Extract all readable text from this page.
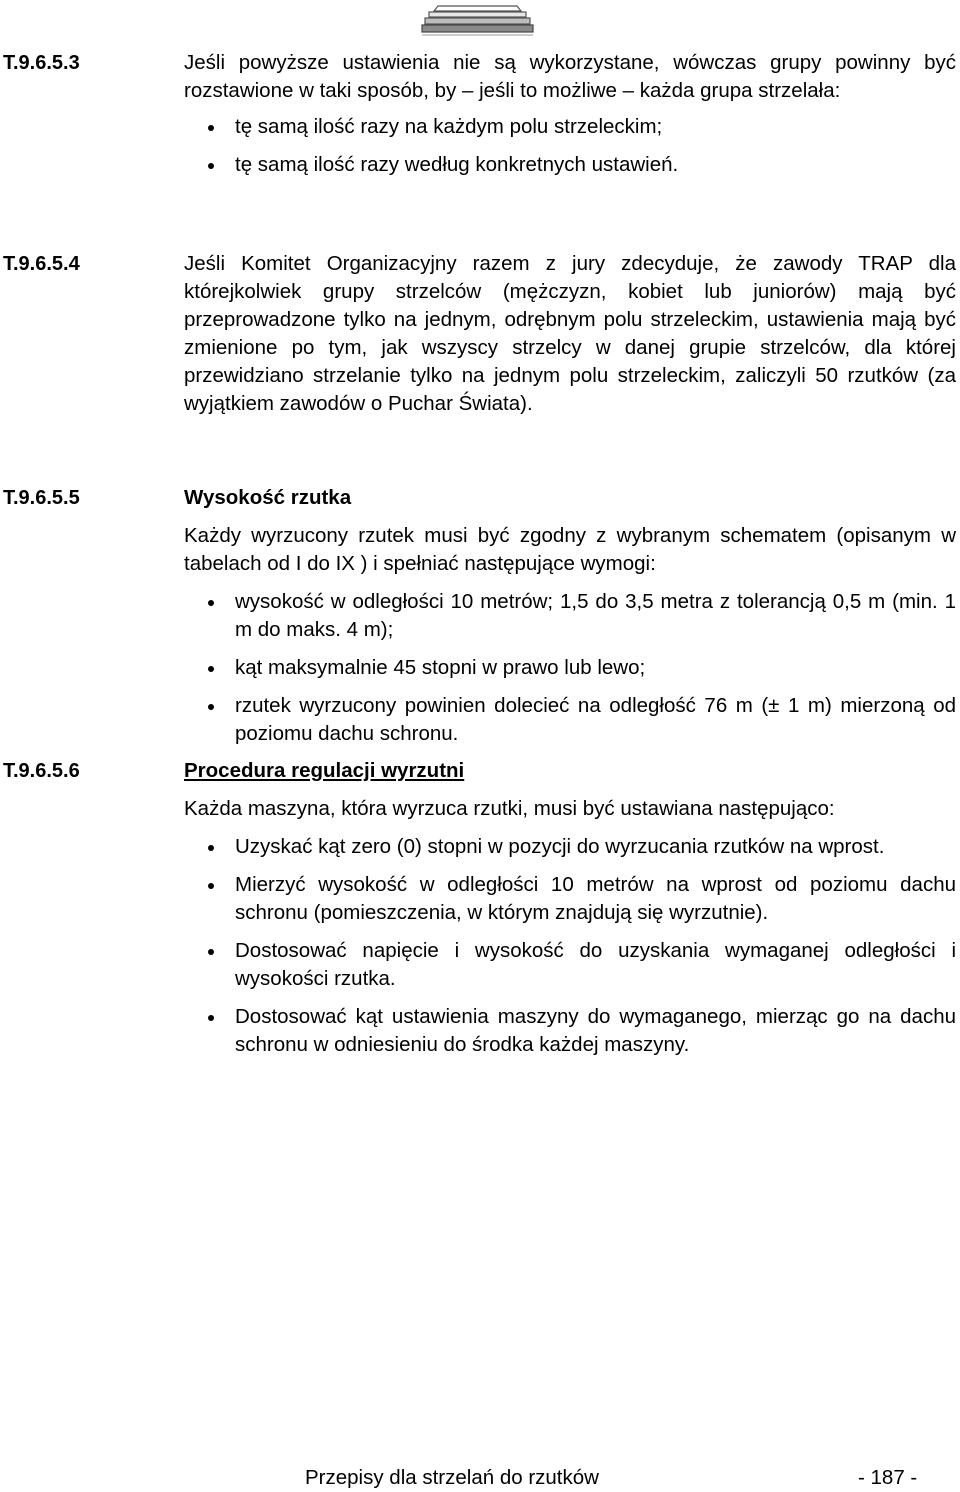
T.9.6.5.3	Jeśli powyższe ustawienia nie są wykorzystane, wówczas grupy powinny być rozstawione w taki sposób, by – jeśli to możliwe – każda grupa strzelała:

tę samą ilość razy na każdym polu strzeleckim;
tę samą ilość razy według konkretnych ustawień.
T.9.6.5.4	Jeśli Komitet Organizacyjny razem z jury zdecyduje, że zawody TRAP dla którejkolwiek grupy strzelców (mężczyzn, kobiet lub juniorów) mają być przeprowadzone tylko na jednym, odrębnym polu strzeleckim, ustawienia mają być zmienione po tym, jak wszyscy strzelcy w danej grupie strzelców, dla której przewidziano strzelanie tylko na jednym polu strzeleckim, zaliczyli 50 rzutków (za wyjątkiem zawodów o Puchar Świata).

T.9.6.5.5	Wysokość rzutka

Każdy wyrzucony rzutek musi być zgodny z wybranym schematem (opisanym w tabelach od I do IX ) i spełniać następujące wymogi:

wysokość w odległości 10 metrów; 1,5 do 3,5 metra z tolerancją 0,5 m (min. 1 m do maks. 4 m);
kąt maksymalnie 45 stopni w prawo lub lewo;
rzutek wyrzucony powinien dolecieć na odległość 76 m (± 1 m) mierzoną od poziomu dachu schronu.
T.9.6.5.6	Procedura regulacji wyrzutni

Każda maszyna, która wyrzuca rzutki, musi być ustawiana następująco:

Uzyskać kąt zero (0) stopni w pozycji do wyrzucania rzutków na wprost.
Mierzyć wysokość w odległości 10 metrów na wprost od poziomu dachu schronu (pomieszczenia, w którym znajdują się wyrzutnie).
Dostosować napięcie i wysokość do uzyskania wymaganej odległości i wysokości rzutka.
Dostosować kąt ustawienia maszyny do wymaganego, mierząc go na dachu schronu w odniesieniu do środka każdej maszyny.
Przepisy dla strzelań do rzutków	- 187 -
